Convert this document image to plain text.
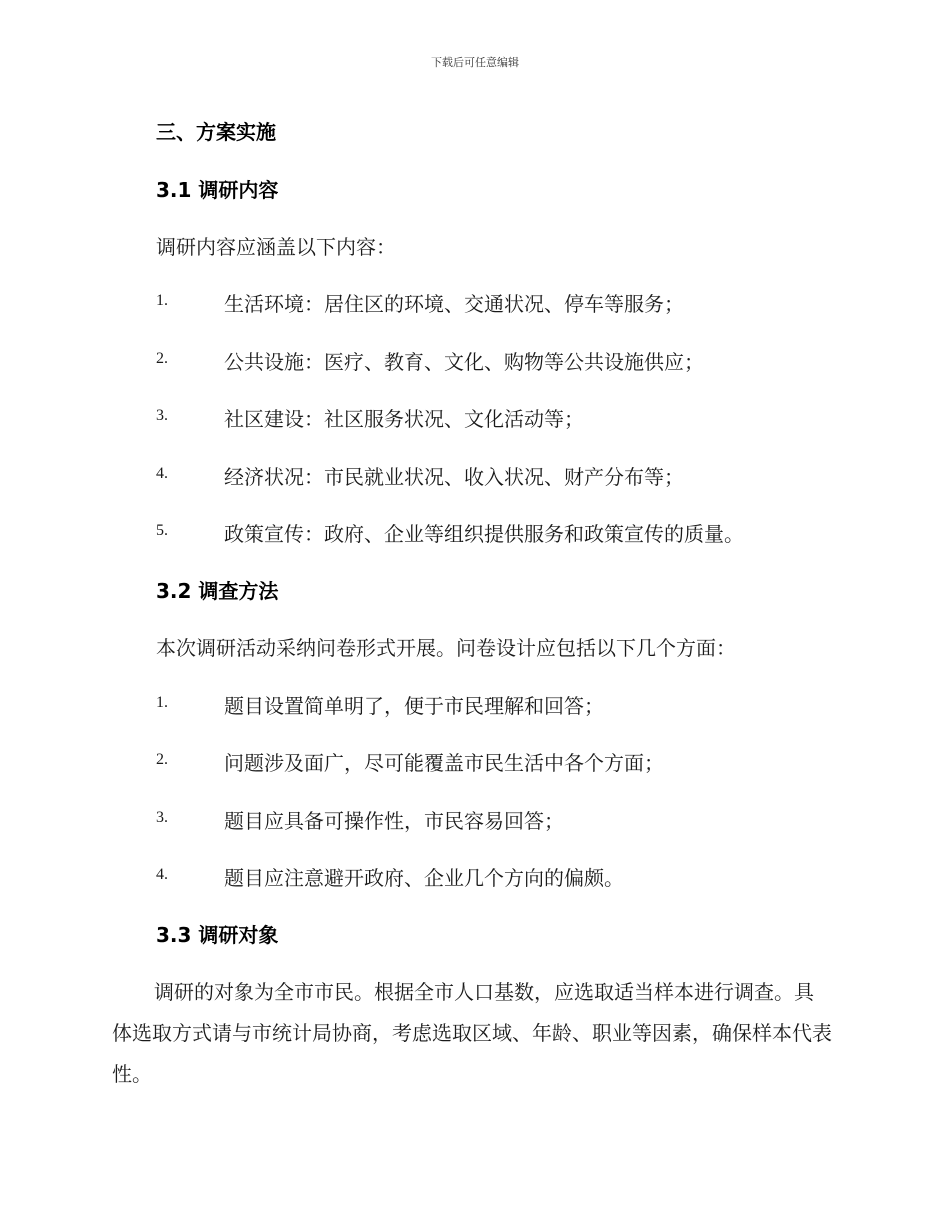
下载后可任意编辑
三、方案实施
3.1 调研内容
调研内容应涵盖以下内容：
1.	生活环境：居住区的环境、交通状况、停车等服务；
2.	公共设施：医疗、教育、文化、购物等公共设施供应；
3.	社区建设：社区服务状况、文化活动等；
4.	经济状况：市民就业状况、收入状况、财产分布等；
5.	政策宣传：政府、企业等组织提供服务和政策宣传的质量。
3.2 调查方法
本次调研活动采纳问卷形式开展。问卷设计应包括以下几个方面：
1.	题目设置简单明了，便于市民理解和回答；
2.	问题涉及面广，尽可能覆盖市民生活中各个方面；
3.	题目应具备可操作性，市民容易回答；
4.	题目应注意避开政府、企业几个方向的偏颇。
3.3 调研对象
调研的对象为全市市民。根据全市人口基数，应选取适当样本进行调查。具体选取方式请与市统计局协商，考虑选取区域、年龄、职业等因素，确保样本代表性。
